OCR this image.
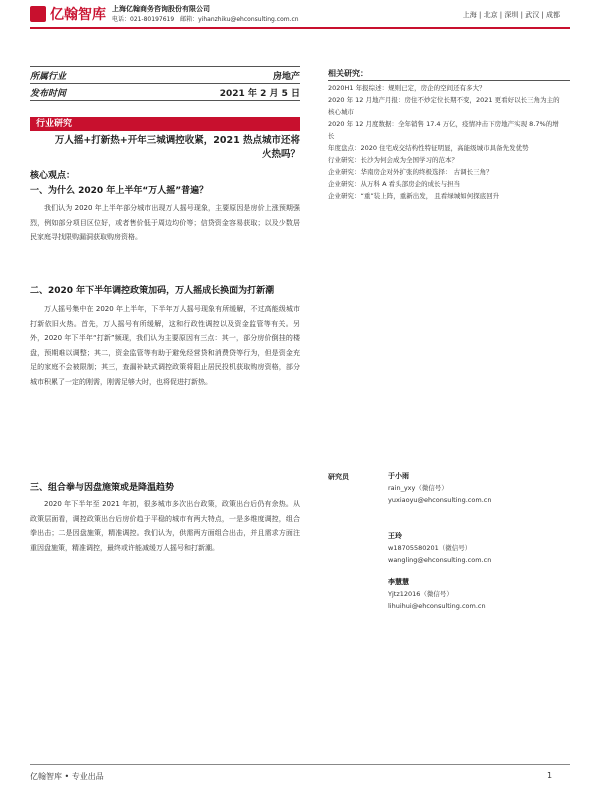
亿翰智库 上海亿翰商务咨询股份有限公司
电话：021-80197619　邮箱：yihanzhiku@ehconsulting.com.cn
上海 | 北京 | 深圳 | 武汉 | 成都
所属行业	房地产
发布时间	2021 年 2 月 5 日
行业研究
万人摇+打新热+开年三城调控收紧，2021 热点城市还将
火热吗？
核心观点：
一、为什么 2020 年上半年“万人摇”普遍？
我们认为 2020 年上半年部分城市出现万人摇号现象，主要原因是房价上涨预期强烈，例如部分项目区位好，或者售价低于周边均价等；信贷资金容易获取；以及少数居民家庭寻找限购漏洞获取购房资格。
二、2020 年下半年调控政策加码，万人摇成长换面为打新潮
万人摇号集中在 2020 年上半年，下半年万人摇号现象有所缓解，不过高能级城市打新依旧火热。首先，万人摇号有所缓解，这和行政性调控以及资金监管等有关。另外，2020 年下半年“打新”频现，我们认为主要原因有三点：其一，部分房价倒挂的楼盘，预期难以调整；其二，资金监管等有助于避免经营贷和消费贷等行为，但是资金充足的家庭不会被限制；其三，查漏补缺式调控政策将阻止居民投机获取购房资格，部分城市积累了一定的刚需，刚需足够大时，也将促进打新热。
三、组合拳与因盘施策或是降温趋势
2020 年下半年至 2021 年初，很多城市多次出台政策，政策出台后仍有余热。从政策层面看，调控政策出台后房价趋于平稳的城市有两大特点，一是多维度调控，组合拳出击；二是因盘施策，精准调控。我们认为，供需两方面组合出击，并且需求方面注重因盘施策，精准调控，最终或许能减缓万人摇号和打新潮。
相关研究：
2020H1 年报综述：规则已定，房企的空间还有多大？
2020 年 12 月地产月报：房住不炒定位长期不变，2021 更看好以长三角为主的核心城市
2020 年 12 月度数据：全年销售 17.4 万亿，疫情冲击下房地产实现 8.7%的增长
年度盘点：2020 住宅成交结构性特征明显，高能级城市具备先发优势
行业研究：长沙为何会成为全国学习的范本？
企业研究：华南房企对外扩张的终极选择： 古调长三角？
企业研究：从万科 A 看头部房企的成长与担当
企业研究：“重”装上阵，重新出发， 且看绿城如何探底回升
研究员	于小雨
rain_yxy（微信号）
yuxiaoyu@ehconsulting.com.cn
王玲
w18705580201（微信号）
wangling@ehconsulting.com.cn
李慧慧
Yjtz12016（微信号）
lihuihui@ehconsulting.com.cn
亿翰智库 • 专业出品	1
